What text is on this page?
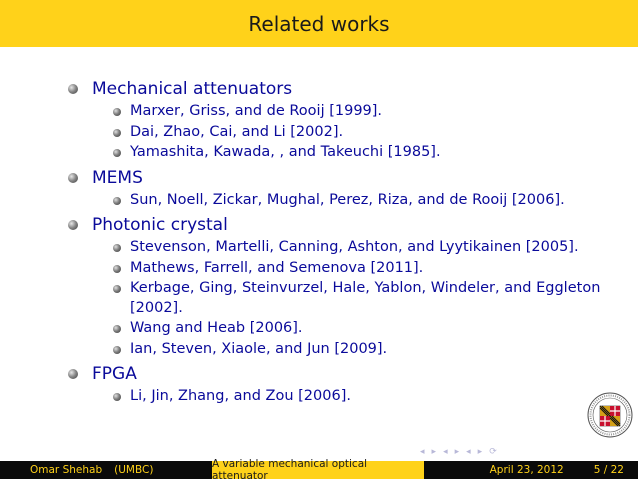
Related works
Mechanical attenuators
Marxer, Griss, and de Rooij [1999].
Dai, Zhao, Cai, and Li [2002].
Yamashita, Kawada, , and Takeuchi [1985].
MEMS
Sun, Noell, Zickar, Mughal, Perez, Riza, and de Rooij [2006].
Photonic crystal
Stevenson, Martelli, Canning, Ashton, and Lyytikainen [2005].
Mathews, Farrell, and Semenova [2011].
Kerbage, Ging, Steinvurzel, Hale, Yablon, Windeler, and Eggleton [2002].
Wang and Heab [2006].
Ian, Steven, Xiaole, and Jun [2009].
FPGA
Li, Jin, Zhang, and Zou [2006].
◂ ▸ ◂ ▸ ◂ ▸ ⟳
Omar Shehab (UMBC)	A variable mechanical optical attenuator	April 23, 2012	5 / 22
